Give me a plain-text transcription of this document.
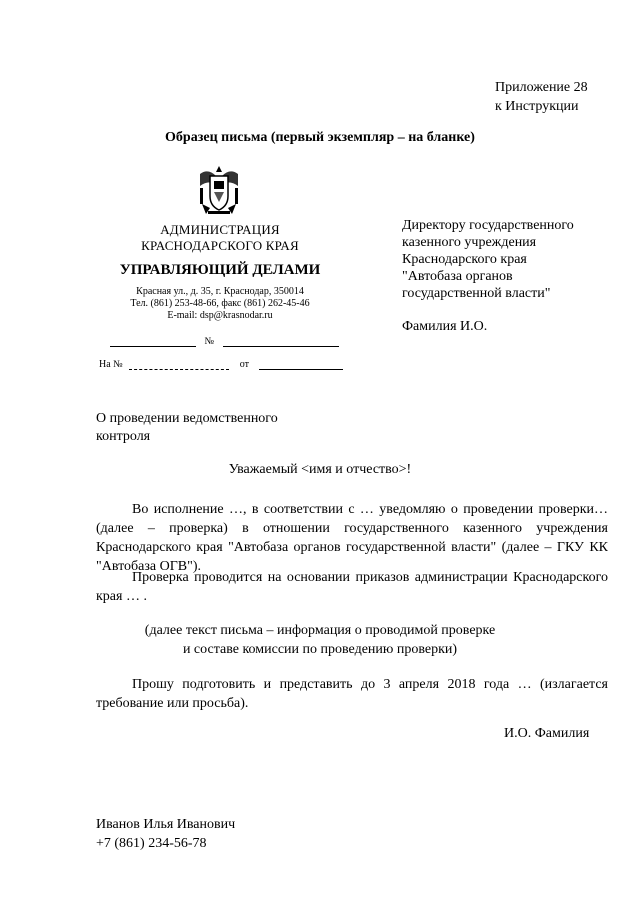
Приложение 28
к Инструкции
Образец письма (первый экземпляр – на бланке)
АДМИНИСТРАЦИЯ
КРАСНОДАРСКОГО КРАЯ
УПРАВЛЯЮЩИЙ ДЕЛАМИ
Красная ул., д. 35, г. Краснодар, 350014
Тел. (861) 253-48-66, факс (861) 262-45-46
E-mail: dsp@krasnodar.ru
№
На №	от
Директору государственного
казенного учреждения
Краснодарского края
"Автобаза органов
государственной власти"
Фамилия И.О.
О проведении ведомственного
контроля
Уважаемый <имя и отчество>!
Во исполнение …, в соответствии с … уведомляю о проведении проверки… (далее – проверка) в отношении государственного казенного учреждения Краснодарского края "Автобаза органов государственной власти" (далее – ГКУ КК "Автобаза ОГВ").
Проверка проводится на основании приказов администрации Краснодарского края … .
(далее текст письма – информация о проводимой проверке
и составе комиссии по проведению проверки)
Прошу подготовить и представить до 3 апреля 2018 года … (излагается требование или просьба).
И.О. Фамилия
Иванов Илья Иванович
+7 (861) 234-56-78
